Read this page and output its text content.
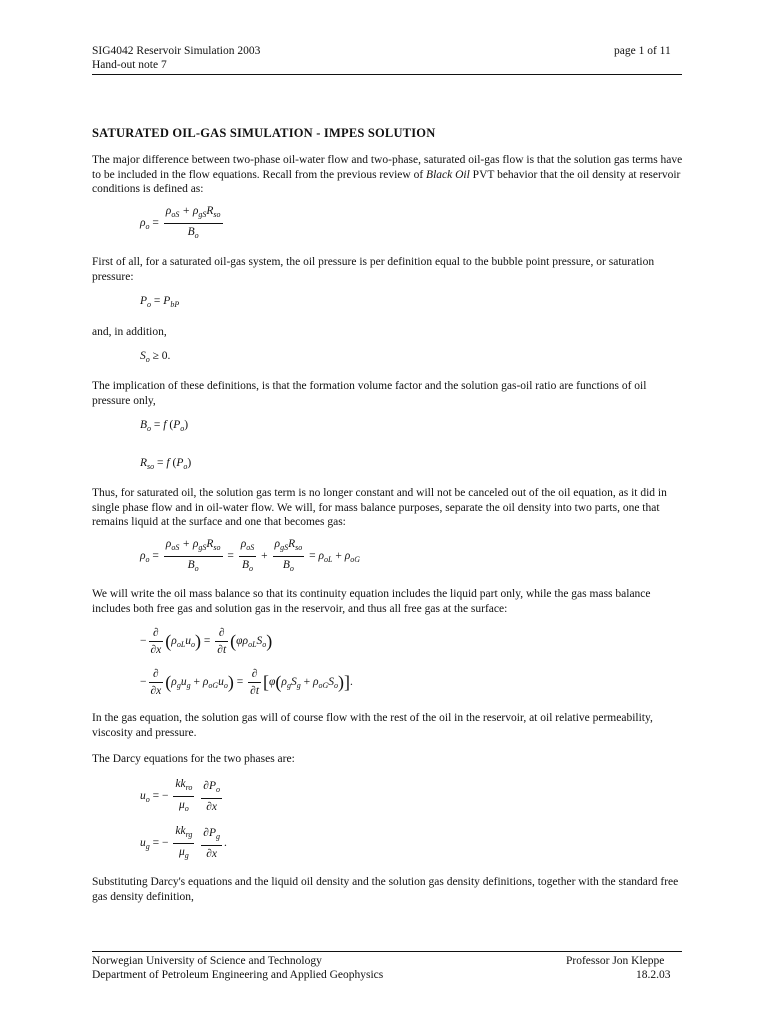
SIG4042 Reservoir Simulation 2003
Hand-out note 7
page 1 of 11
SATURATED OIL-GAS SIMULATION - IMPES SOLUTION
The major difference between two-phase oil-water flow and two-phase, saturated oil-gas flow is that the solution gas terms have to be included in the flow equations. Recall from the previous review of Black Oil PVT behavior that the oil density at reservoir conditions is defined as:
$\rho_o = \frac{\rho_{oS} + \rho_{gS}R_{so}}{B_o}$
First of all, for a saturated oil-gas system, the oil pressure is per definition equal to the bubble point pressure, or saturation pressure:
$P_o = P_{bP}$
and, in addition,
$S_o \ge 0$.
The implication of these definitions, is that the formation volume factor and the solution gas-oil ratio are functions of oil pressure only,
$B_o = f$ $(P_o)$
$R_{so} = f$ $(P_o)$
Thus, for saturated oil, the solution gas term is no longer constant and will not be canceled out of the oil equation, as it did in single phase flow and in oil-water flow. We will, for mass balance purposes, separate the oil density into two parts, one that remains liquid at the surface and one that becomes gas:
$\rho_o = \frac{\rho_{oS} + \rho_{gS}R_{so}}{B_o} = \frac{\rho_{oS}}{B_o} + \frac{\rho_{gS}R_{so}}{B_o} = \rho_{oL} + \rho_{oG}$
We will write the oil mass balance so that its continuity equation includes the liquid part only, while the gas mass balance includes both free gas and solution gas in the reservoir, and thus all free gas at the surface:
− $\frac{\partial}{\partial x} (\rho_{oL}u_o) = \frac{\partial}{\partial t} (\varphi\rho_{oL}S_o)$
− $\frac{\partial}{\partial x} (\rho_gu_g + \rho_{oG}u_o) = \frac{\partial}{\partial t} [\varphi(\rho_gS_g + \rho_{oG}S_o)]$.
In the gas equation, the solution gas will of course flow with the rest of the oil in the reservoir, at oil relative permeability, viscosity and pressure.
The Darcy equations for the two phases are:
$u_o$ = − $\frac{kk_{ro}}{\mu_o}$
$\frac{\partial P_o}{\partial x}$
$u_g$ = − $\frac{kk_{rg}}{\mu_g}$
$\frac{\partial P_g}{\partial x}$ .
Substituting Darcy's equations and the liquid oil density and the solution gas density definitions, together with the standard free gas density definition,
Norwegian University of Science and Technology
Department of Petroleum Engineering and Applied Geophysics
Professor Jon Kleppe
18.2.03
